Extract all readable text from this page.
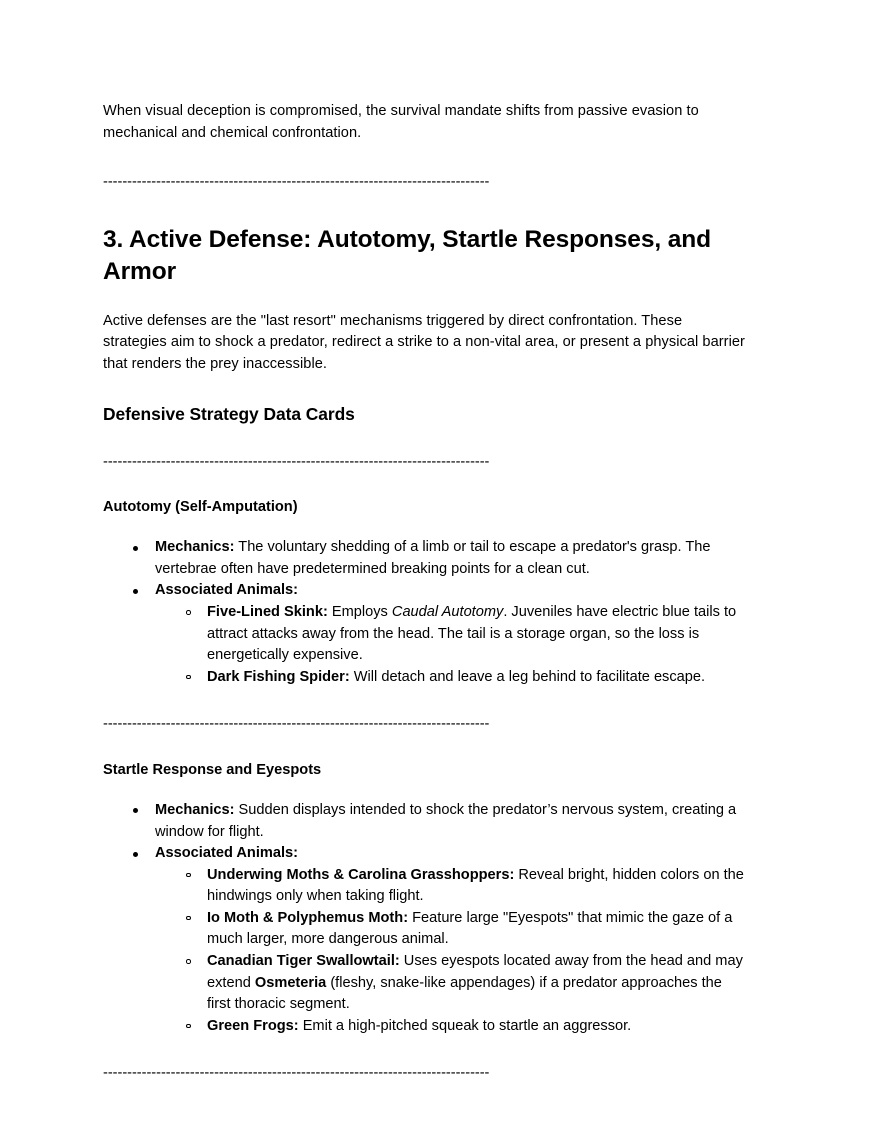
When visual deception is compromised, the survival mandate shifts from passive evasion to mechanical and chemical confrontation.

--------------------------------------------------------------------------------
3. Active Defense: Autotomy, Startle Responses, and Armor

Active defenses are the "last resort" mechanisms triggered by direct confrontation. These strategies aim to shock a predator, redirect a strike to a non-vital area, or present a physical barrier that renders the prey inaccessible.

Defensive Strategy Data Cards
--------------------------------------------------------------------------------
Autotomy (Self-Amputation)
Mechanics: The voluntary shedding of a limb or tail to escape a predator's grasp. The vertebrae often have predetermined breaking points for a clean cut.
Associated Animals:
Five-Lined Skink: Employs Caudal Autotomy. Juveniles have electric blue tails to attract attacks away from the head. The tail is a storage organ, so the loss is energetically expensive.
Dark Fishing Spider: Will detach and leave a leg behind to facilitate escape.
--------------------------------------------------------------------------------
Startle Response and Eyespots
Mechanics: Sudden displays intended to shock the predator’s nervous system, creating a window for flight.
Associated Animals:
Underwing Moths & Carolina Grasshoppers: Reveal bright, hidden colors on the hindwings only when taking flight.
Io Moth & Polyphemus Moth: Feature large "Eyespots" that mimic the gaze of a much larger, more dangerous animal.
Canadian Tiger Swallowtail: Uses eyespots located away from the head and may extend Osmeteria (fleshy, snake-like appendages) if a predator approaches the first thoracic segment.
Green Frogs: Emit a high-pitched squeak to startle an aggressor.
--------------------------------------------------------------------------------
